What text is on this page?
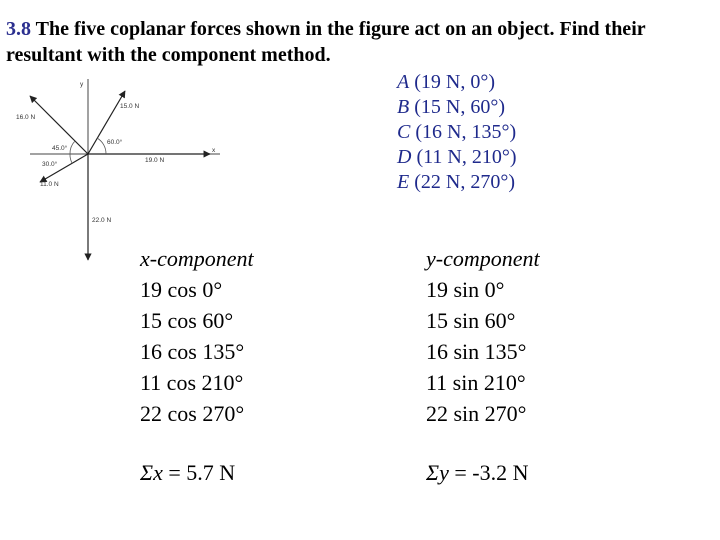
3.8 The five coplanar forces shown in the figure act on an object. Find their resultant with the component method.
x
y
15.0 N
16.0 N
60.0°
45.0°
30.0°
19.0 N
11.0 N
22.0 N
A (19 N, 0°)
B (15 N, 60°)
C (16 N, 135°)
D (11 N, 210°)
E (22 N, 270°)
x-component
19 cos 0°
15 cos 60°
16 cos 135°
11 cos 210°
22 cos 270°
y-component
19 sin 0°
15 sin 60°
16 sin 135°
11 sin 210°
22 sin 270°
Σx = 5.7 N	Σy = -3.2 N
